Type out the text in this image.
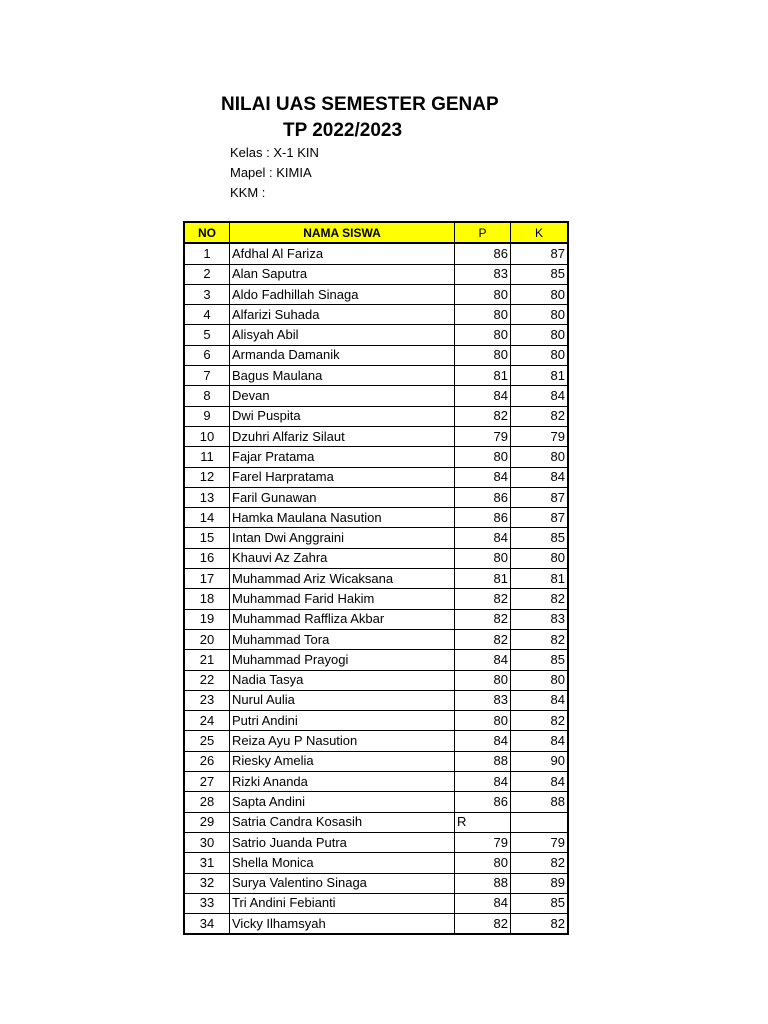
NILAI UAS SEMESTER GENAP
TP 2022/2023
Kelas : X-1 KIN
Mapel : KIMIA
KKM :
NO	NAMA SISWA	P	K
1	Afdhal Al Fariza	86	87
2	Alan Saputra	83	85
3	Aldo Fadhillah Sinaga	80	80
4	Alfarizi Suhada	80	80
5	Alisyah Abil	80	80
6	Armanda Damanik	80	80
7	Bagus Maulana	81	81
8	Devan	84	84
9	Dwi Puspita	82	82
10	Dzuhri Alfariz Silaut	79	79
11	Fajar Pratama	80	80
12	Farel Harpratama	84	84
13	Faril Gunawan	86	87
14	Hamka Maulana Nasution	86	87
15	Intan Dwi Anggraini	84	85
16	Khauvi Az Zahra	80	80
17	Muhammad Ariz Wicaksana	81	81
18	Muhammad Farid Hakim	82	82
19	Muhammad Raffliza Akbar	82	83
20	Muhammad Tora	82	82
21	Muhammad Prayogi	84	85
22	Nadia Tasya	80	80
23	Nurul Aulia	83	84
24	Putri Andini	80	82
25	Reiza Ayu P Nasution	84	84
26	Riesky Amelia	88	90
27	Rizki Ananda	84	84
28	Sapta Andini	86	88
29	Satria Candra Kosasih	R	
30	Satrio Juanda Putra	79	79
31	Shella Monica	80	82
32	Surya Valentino Sinaga	88	89
33	Tri Andini Febianti	84	85
34	Vicky Ilhamsyah	82	82
